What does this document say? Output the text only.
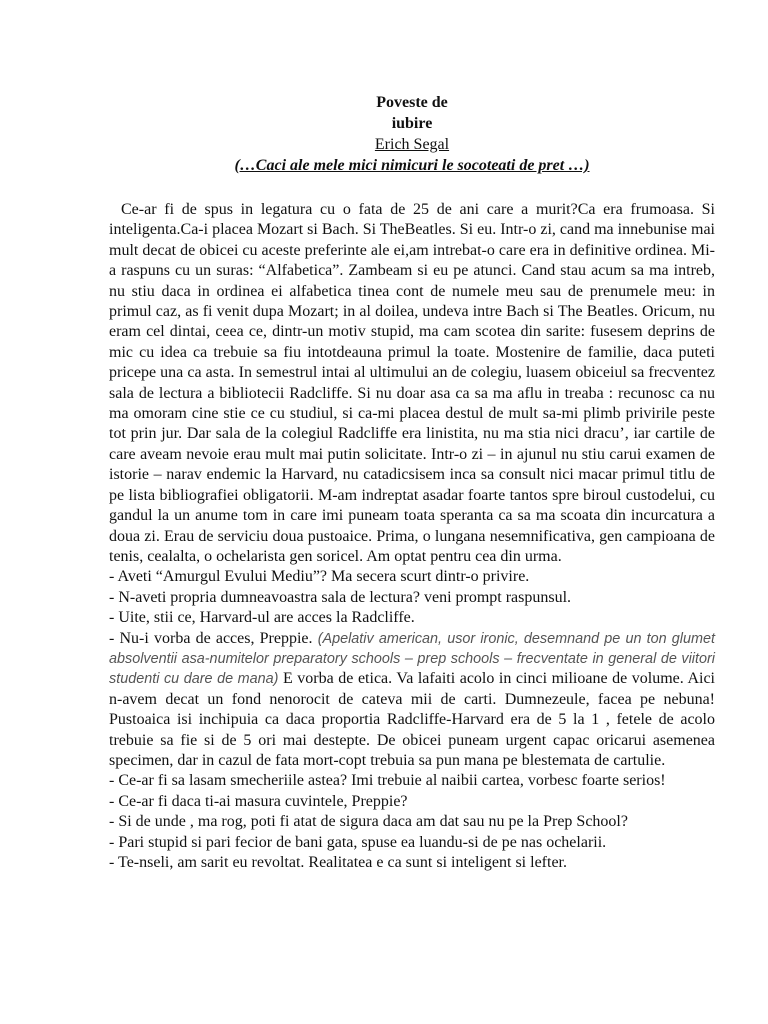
Poveste de
iubire
Erich Segal
(…Caci ale mele mici nimicuri le socoteati de pret …)

Ce-ar fi de spus in legatura cu o fata de 25 de ani care a murit?Ca era frumoasa. Si inteligenta.Ca-i placea Mozart si Bach. Si TheBeatles. Si eu. Intr-o zi, cand ma innebunise mai mult decat de obicei cu aceste preferinte ale ei,am intrebat-o care era in definitive ordinea. Mi-a raspuns cu un suras: “Alfabetica”. Zambeam si eu pe atunci. Cand stau acum sa ma intreb, nu stiu daca in ordinea ei alfabetica tinea cont de numele meu sau de prenumele meu: in primul caz, as fi venit dupa Mozart; in al doilea, undeva intre Bach si The Beatles. Oricum, nu eram cel dintai, ceea ce, dintr-un motiv stupid, ma cam scotea din sarite: fusesem deprins de mic cu idea ca trebuie sa fiu intotdeauna primul la toate. Mostenire de familie, daca puteti pricepe una ca asta. In semestrul intai al ultimului an de colegiu, luasem obiceiul sa frecventez sala de lectura a bibliotecii Radcliffe. Si nu doar asa ca sa ma aflu in treaba : recunosc ca nu ma omoram cine stie ce cu studiul, si ca-mi placea destul de mult sa-mi plimb privirile peste tot prin jur. Dar sala de la colegiul Radcliffe era linistita, nu ma stia nici dracu’, iar cartile de care aveam nevoie erau mult mai putin solicitate. Intr-o zi – in ajunul nu stiu carui examen de istorie – narav endemic la Harvard, nu catadicsisem inca sa consult nici macar primul titlu de pe lista bibliografiei obligatorii. M-am indreptat asadar foarte tantos spre biroul custodelui, cu gandul la un anume tom in care imi puneam toata speranta ca sa ma scoata din incurcatura a doua zi. Erau de serviciu doua pustoaice. Prima, o lungana nesemnificativa, gen campioana de tenis, cealalta, o ochelarista gen soricel. Am optat pentru cea din urma.

- Aveti “Amurgul Evului Mediu”? Ma secera scurt dintr-o privire.

- N-aveti propria dumneavoastra sala de lectura? veni prompt raspunsul.

- Uite, stii ce, Harvard-ul are acces la Radcliffe.

- Nu-i vorba de acces, Preppie. (Apelativ american, usor ironic, desemnand pe un ton glumet absolventii asa-numitelor preparatory schools – prep schools – frecventate in general de viitori studenti cu dare de mana) E vorba de etica. Va lafaiti acolo in cinci milioane de volume. Aici n-avem decat un fond nenorocit de cateva mii de carti. Dumnezeule, facea pe nebuna! Pustoaica isi inchipuia ca daca proportia Radcliffe-Harvard era de 5 la 1 , fetele de acolo trebuie sa fie si de 5 ori mai destepte. De obicei puneam urgent capac oricarui asemenea specimen, dar in cazul de fata mort-copt trebuia sa pun mana pe blestemata de cartulie.

- Ce-ar fi sa lasam smecheriile astea? Imi trebuie al naibii cartea, vorbesc foarte serios!

- Ce-ar fi daca ti-ai masura cuvintele, Preppie?

- Si de unde , ma rog, poti fi atat de sigura daca am dat sau nu pe la Prep School?

- Pari stupid si pari fecior de bani gata, spuse ea luandu-si de pe nas ochelarii.

- Te-nseli, am sarit eu revoltat. Realitatea e ca sunt si inteligent si lefter.
